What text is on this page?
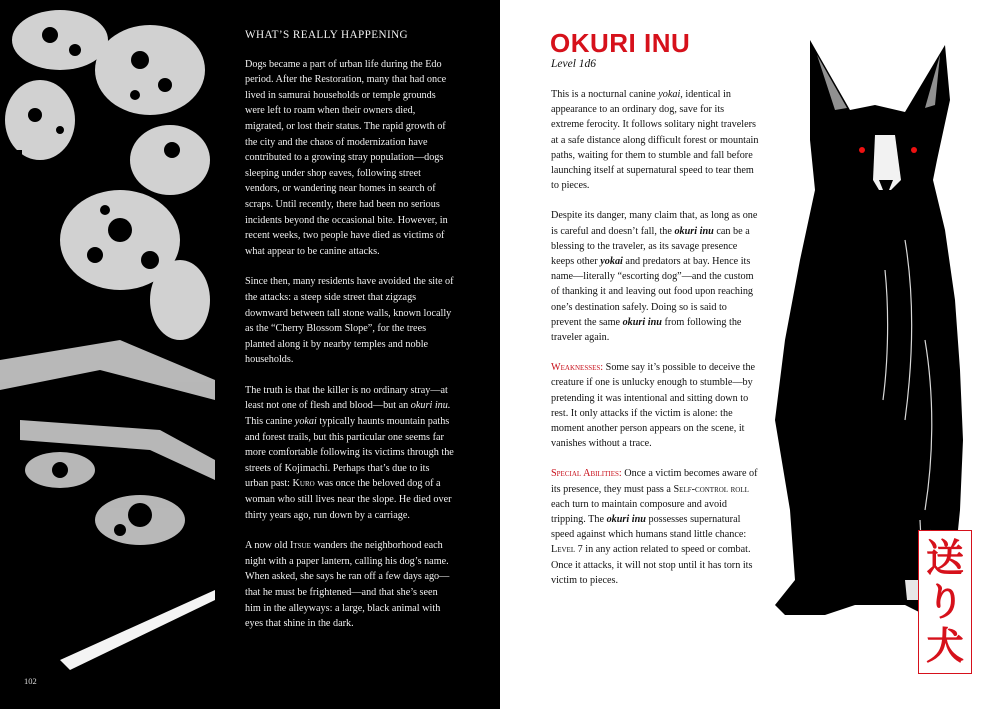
WHAT’S REALLY HAPPENING

Dogs became a part of urban life during the Edo period. After the Restoration, many that had once lived in samurai households or temple grounds were left to roam when their owners died, migrated, or lost their status. The rapid growth of the city and the chaos of modernization have contributed to a growing stray population—dogs sleeping under shop eaves, following street vendors, or wandering near homes in search of scraps. Until recently, there had been no serious incidents beyond the occasional bite. However, in recent weeks, two people have died as victims of what appear to be canine attacks.

Since then, many residents have avoided the site of the attacks: a steep side street that zigzags downward between tall stone walls, known locally as the “Cherry Blossom Slope”, for the trees planted along it by nearby temples and noble households.

The truth is that the killer is no ordinary stray—at least not one of flesh and blood—but an okuri inu. This canine yokai typically haunts mountain paths and forest trails, but this particular one seems far more comfortable following its victims through the streets of Kojimachi. Perhaps that’s due to its urban past: Kuro was once the beloved dog of a woman who still lives near the slope. He died over thirty years ago, run down by a carriage.

A now old Itsue wanders the neighborhood each night with a paper lantern, calling his dog’s name. When asked, she says he ran off a few days ago—that he must be frightened—and that she’s seen him in the alleyways: a large, black animal with eyes that shine in the dark.

102
OKURI INU
Level 1d6

This is a nocturnal canine yokai, identical in appearance to an ordinary dog, save for its extreme ferocity. It follows solitary night travelers at a safe distance along difficult forest or mountain paths, waiting for them to stumble and fall before launching itself at supernatural speed to tear them to pieces.

Despite its danger, many claim that, as long as one is careful and doesn’t fall, the okuri inu can be a blessing to the traveler, as its savage presence keeps other yokai and predators at bay. Hence its name—literally “escorting dog”—and the custom of thanking it and leaving out food upon reaching one’s destination safely. Doing so is said to prevent the same okuri inu from following the traveler again.

Weaknesses: Some say it’s possible to deceive the creature if one is unlucky enough to stumble—by pretending it was intentional and sitting down to rest. It only attacks if the victim is alone: the moment another person appears on the scene, it vanishes without a trace.

Special Abilities: Once a victim becomes aware of its presence, they must pass a Self-control roll each turn to maintain composure and avoid tripping. The okuri inu possesses supernatural speed against which humans stand little chance: Level 7 in any action related to speed or combat. Once it attacks, it will not stop until it has torn its victim to pieces.

送
り
犬
